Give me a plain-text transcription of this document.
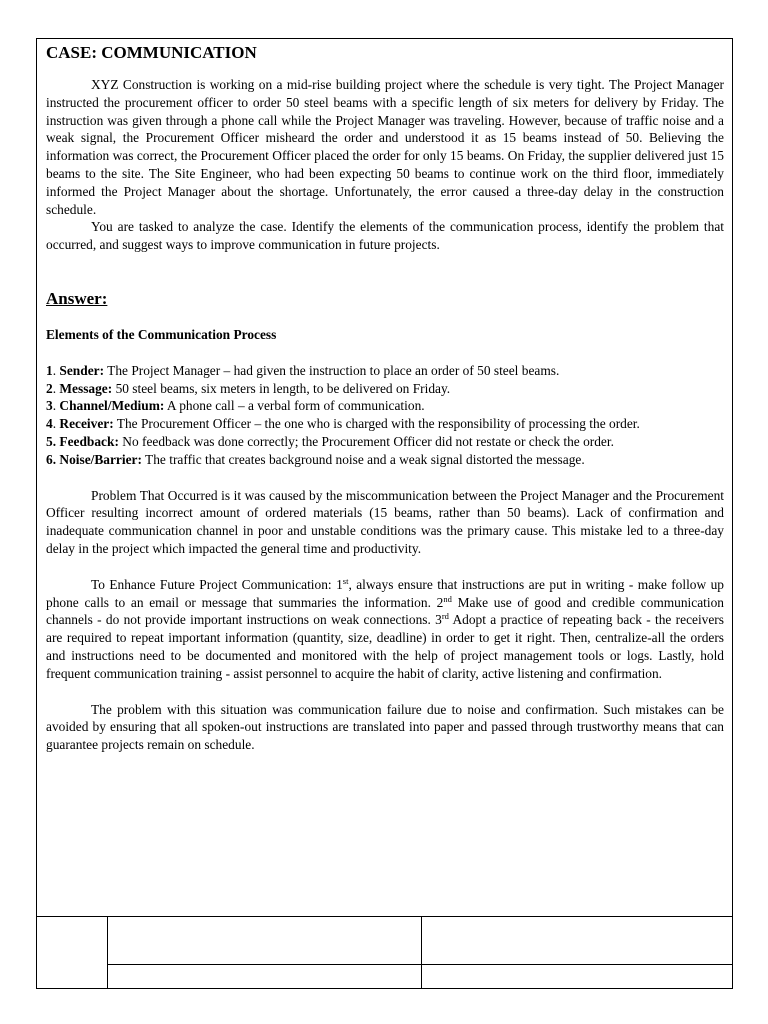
CASE: COMMUNICATION

XYZ Construction is working on a mid-rise building project where the schedule is very tight. The Project Manager instructed the procurement officer to order 50 steel beams with a specific length of six meters for delivery by Friday. The instruction was given through a phone call while the Project Manager was traveling. However, because of traffic noise and a weak signal, the Procurement Officer misheard the order and understood it as 15 beams instead of 50. Believing the information was correct, the Procurement Officer placed the order for only 15 beams. On Friday, the supplier delivered just 15 beams to the site. The Site Engineer, who had been expecting 50 beams to continue work on the third floor, immediately informed the Project Manager about the shortage. Unfortunately, the error caused a three-day delay in the construction schedule.

You are tasked to analyze the case. Identify the elements of the communication process, identify the problem that occurred, and suggest ways to improve communication in future projects.

Answer:

Elements of the Communication Process

1. Sender: The Project Manager – had given the instruction to place an order of 50 steel beams.

2. Message: 50 steel beams, six meters in length, to be delivered on Friday.

3. Channel/Medium: A phone call – a verbal form of communication.

4. Receiver: The Procurement Officer – the one who is charged with the responsibility of processing the order.

5. Feedback: No feedback was done correctly; the Procurement Officer did not restate or check the order.

6. Noise/Barrier: The traffic that creates background noise and a weak signal distorted the message.

Problem That Occurred is it was caused by the miscommunication between the Project Manager and the Procurement Officer resulting incorrect amount of ordered materials (15 beams, rather than 50 beams). Lack of confirmation and inadequate communication channel in poor and unstable conditions was the primary cause. This mistake led to a three-day delay in the project which impacted the general time and productivity.

To Enhance Future Project Communication: 1st, always ensure that instructions are put in writing - make follow up phone calls to an email or message that summaries the information. 2nd Make use of good and credible communication channels - do not provide important instructions on weak connections. 3rd Adopt a practice of repeating back - the receivers are required to repeat important information (quantity, size, deadline) in order to get it right. Then, centralize-all the orders and instructions need to be documented and monitored with the help of project management tools or logs. Lastly, hold frequent communication training - assist personnel to acquire the habit of clarity, active listening and confirmation.

The problem with this situation was communication failure due to noise and confirmation. Such mistakes can be avoided by ensuring that all spoken-out instructions are translated into paper and passed through trustworthy means that can guarantee projects remain on schedule.
